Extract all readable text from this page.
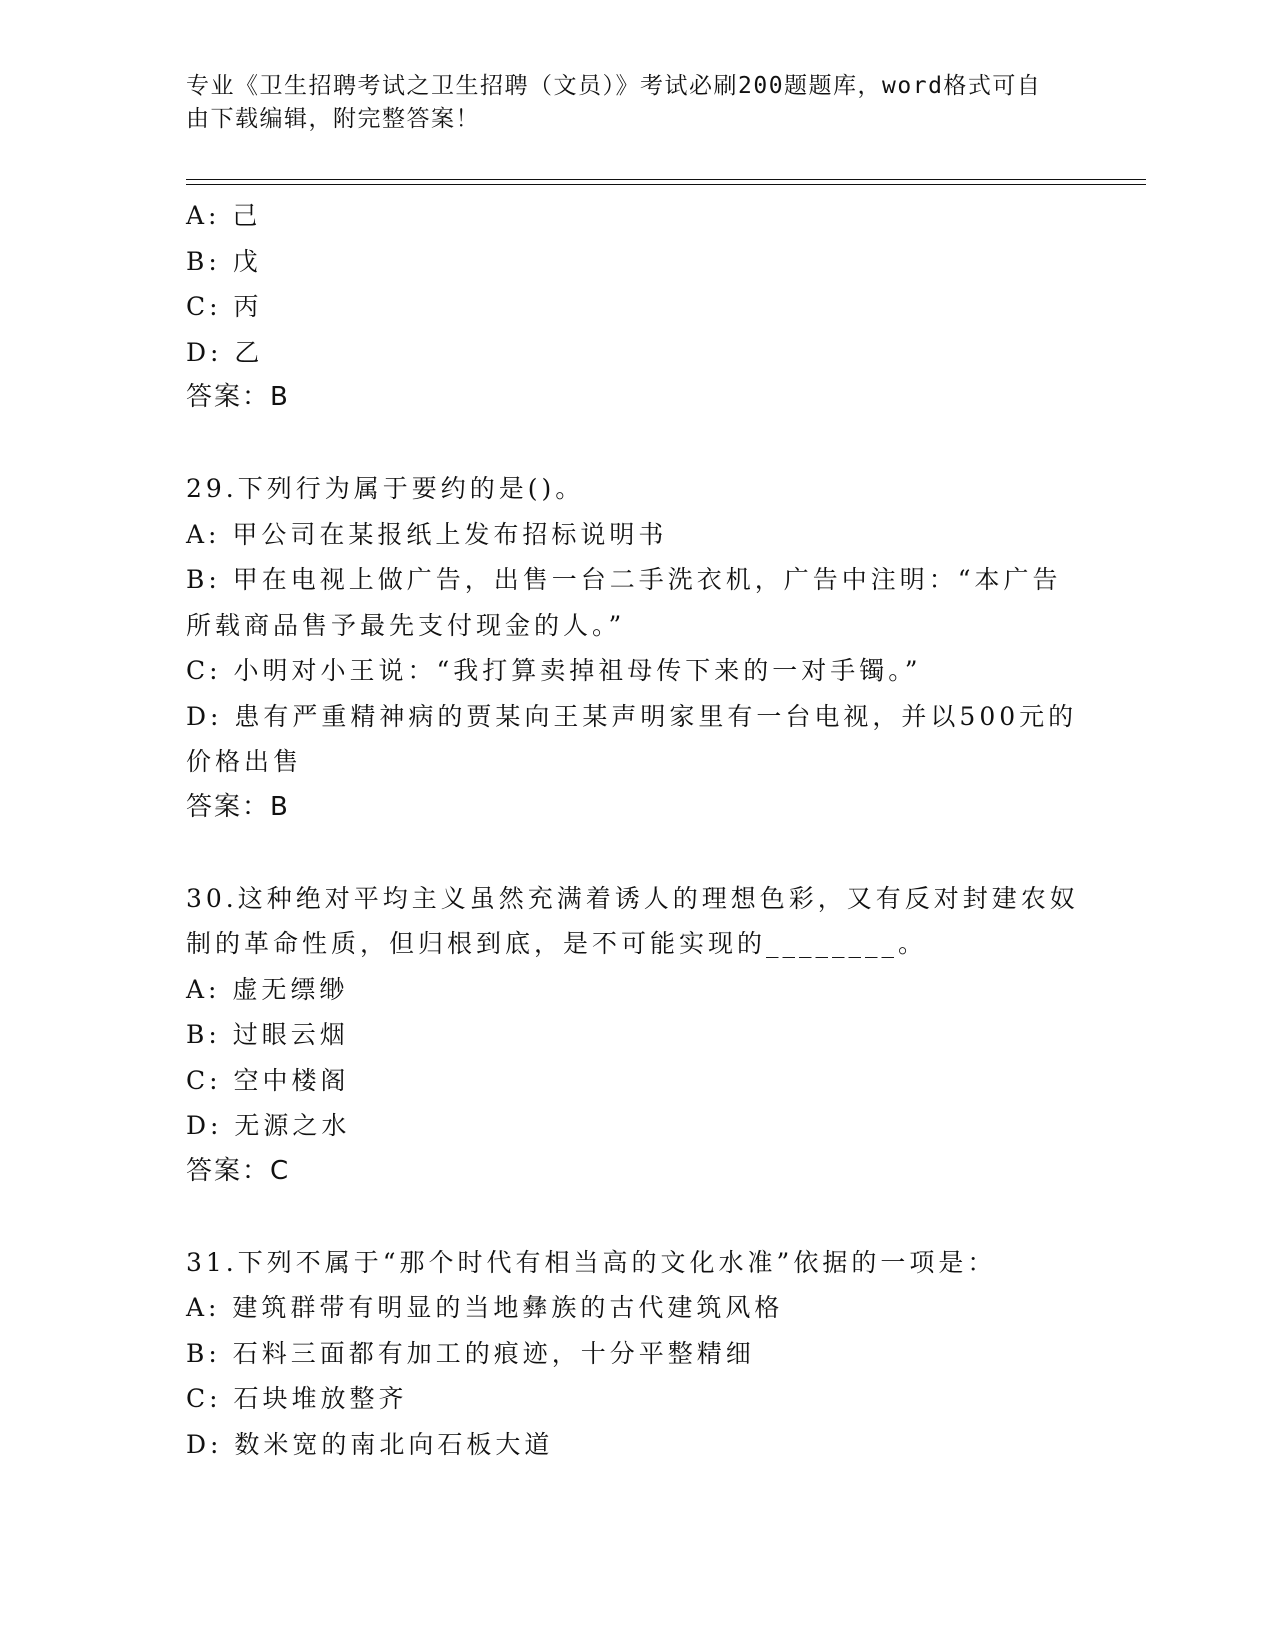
专业《卫生招聘考试之卫生招聘（文员）》考试必刷200题题库，word格式可自
由下载编辑，附完整答案！
A: 己
B: 戊
C: 丙
D: 乙
答案：B
29.下列行为属于要约的是()。
A: 甲公司在某报纸上发布招标说明书
B: 甲在电视上做广告，出售一台二手洗衣机，广告中注明：“本广告
所载商品售予最先支付现金的人。”
C: 小明对小王说：“我打算卖掉祖母传下来的一对手镯。”
D: 患有严重精神病的贾某向王某声明家里有一台电视，并以500元的
价格出售
答案：B
30.这种绝对平均主义虽然充满着诱人的理想色彩，又有反对封建农奴
制的革命性质，但归根到底，是不可能实现的________。
A: 虚无缥缈
B: 过眼云烟
C: 空中楼阁
D: 无源之水
答案：C
31.下列不属于“那个时代有相当高的文化水准”依据的一项是：
A: 建筑群带有明显的当地彝族的古代建筑风格
B: 石料三面都有加工的痕迹，十分平整精细
C: 石块堆放整齐
D: 数米宽的南北向石板大道
